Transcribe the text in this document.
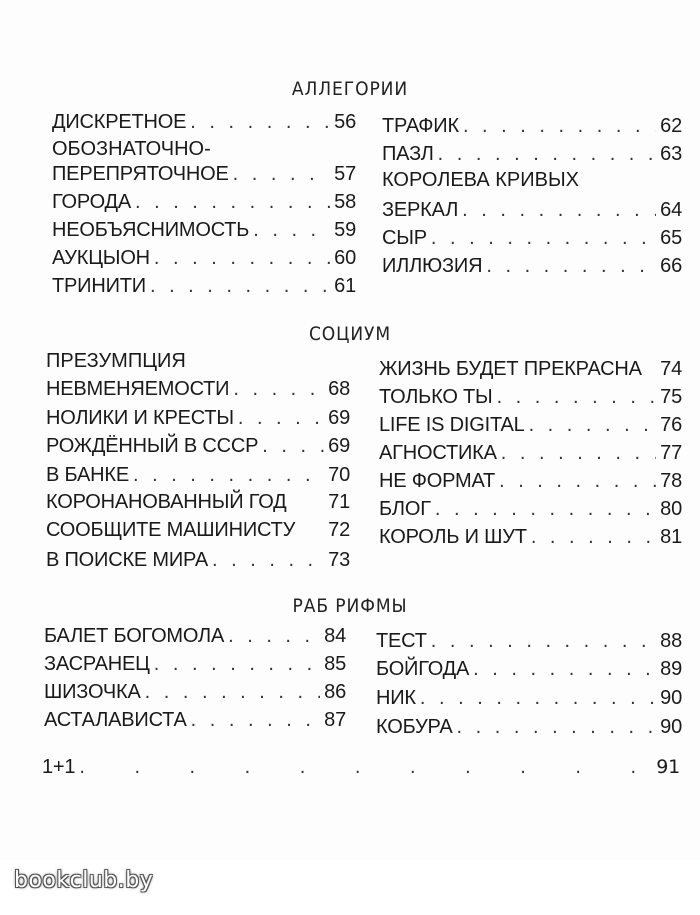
АЛЛЕГОРИИ
ДИСКРЕТНОЕ . . .	56
ОБОЗНАТОЧНО-
ПЕРЕПРЯТОЧНОЕ . . .	57
ГОРОДА . . .	58
НЕОБЪЯСНИМОСТЬ . . .	59
АУКЦЫОН . . .	60
ТРИНИТИ . . .	61
ТРАФИК . . .	62
ПАЗЛ . . .	63
КОРОЛЕВА КРИВЫХ
ЗЕРКАЛ . . .	64
СЫР . . .	65
ИЛЛЮЗИЯ . . .	66
СОЦИУМ
ПРЕЗУМПЦИЯ
НЕВМЕНЯЕМОСТИ . . .	68
НОЛИКИ И КРЕСТЫ . . .	69
РОЖДЁННЫЙ В СССР . . .	69
В БАНКЕ . . .	70
КОРОНАНОВАННЫЙ ГОД 71
СООБЩИТЕ МАШИНИСТУ 72
В ПОИСКЕ МИРА . . .	73
ЖИЗНЬ БУДЕТ ПРЕКРАСНА 74
ТОЛЬКО ТЫ . . .	75
LIFE IS DIGITAL . . .	76
АГНОСТИКА . . .	77
НЕ ФОРМАТ . . .	78
БЛОГ . . .	80
КОРОЛЬ И ШУТ . . .	81
РАБ РИФМЫ
БАЛЕТ БОГОМОЛА . . .	84
ЗАСРАНЕЦ . . .	85
ШИЗОЧКА . . .	86
АСТАЛАВИСТА . . .	87
ТЕСТ . . .	88
БОЙГОДА . . .	89
НИК . . .	90
КОБУРА . . .	90
1+1 . . .	91
bookclub.by
